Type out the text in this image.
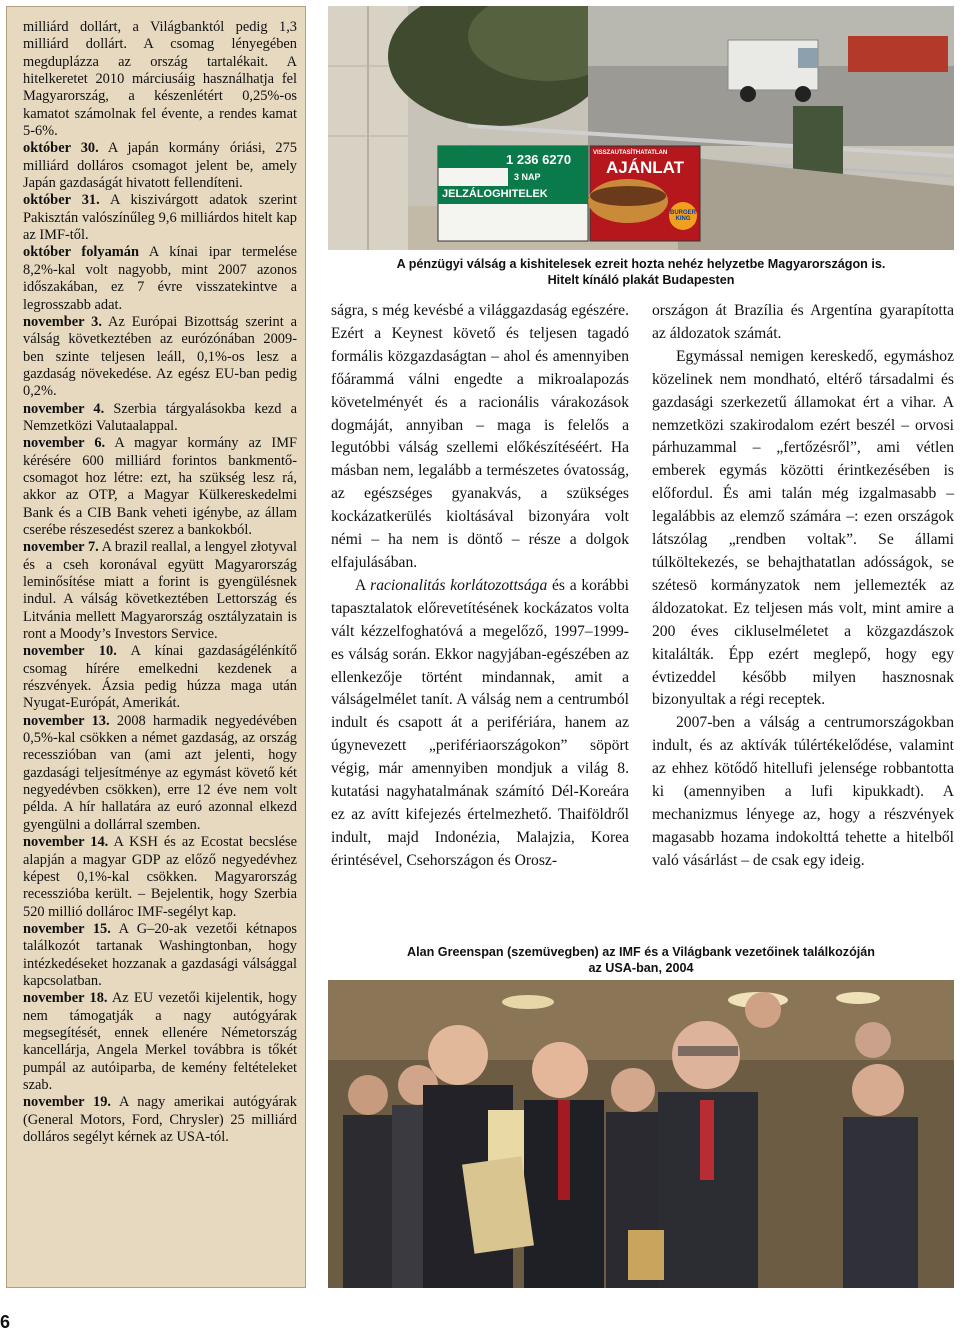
milliárd dollárt, a Világbanktól pedig 1,3 milliárd dollárt. A csomag lényegében megduplázza az ország tartalékait. A hitelkeretet 2010 márciusáig használhatja fel Magyarország, a készenlétért 0,25%-os kamatot számolnak fel évente, a rendes kamat 5-6%.

október 30. A japán kormány óriási, 275 milliárd dolláros csomagot jelent be, amely Japán gazdaságát hivatott fellendíteni.

október 31. A kiszivárgott adatok szerint Pakisztán valószínűleg 9,6 milliárdos hitelt kap az IMF-től.

október folyamán A kínai ipar termelése 8,2%-kal volt nagyobb, mint 2007 azonos időszakában, ez 7 évre visszatekintve a legrosszabb adat.

november 3. Az Európai Bizottság szerint a válság következtében az eurózónában 2009-ben szinte teljesen leáll, 0,1%-os lesz a gazdaság növekedése. Az egész EU-ban pedig 0,2%.

november 4. Szerbia tárgyalásokba kezd a Nemzetközi Valutaalappal.

november 6. A magyar kormány az IMF kérésére 600 milliárd forintos bankmentő-csomagot hoz létre: ezt, ha szükség lesz rá, akkor az OTP, a Magyar Külkereskedelmi Bank és a CIB Bank veheti igénybe, az állam cserébe részesedést szerez a bankokból.

november 7. A brazil reallal, a lengyel złotyval és a cseh koronával együtt Magyarország leminősítése miatt a forint is gyengülésnek indul. A válság következtében Lettország és Litvánia mellett Magyarország osztályzatain is ront a Moody’s Investors Service.

november 10. A kínai gazdaságélénkítő csomag hírére emelkedni kezdenek a részvények. Ázsia pedig húzza maga után Nyugat-Európát, Amerikát.

november 13. 2008 harmadik negyedévében 0,5%-kal csökken a német gazdaság, az ország recesszióban van (ami azt jelenti, hogy gazdasági teljesítménye az egymást követő két negyedévben csökken), erre 12 éve nem volt példa. A hír hallatára az euró azonnal elkezd gyengülni a dollárral szemben.

november 14. A KSH és az Ecostat becslése alapján a magyar GDP az előző negyedévhez képest 0,1%-kal csökken. Magyarország recesszióba került. – Bejelentik, hogy Szerbia 520 millió dollárос IMF-segélyt kap.

november 15. A G–20-ak vezetői kétnapos találkozót tartanak Washingtonban, hogy intézkedéseket hozzanak a gazdasági válsággal kapcsolatban.

november 18. Az EU vezetői kijelentik, hogy nem támogatják a nagy autógyárak megsegítését, ennek ellenére Németország kancellárja, Angela Merkel továbbra is tőkét pumpál az autóiparba, de kemény feltételeket szab.

november 19. A nagy amerikai autógyárak (General Motors, Ford, Chrysler) 25 milliárd dolláros segélyt kérnek az USA-tól.

1 236 6270
3 NAP
JELZÁLOGHITELEK
VISSZAUTASÍTHATATLAN
AJÁNLAT
BURGER KING
A pénzügyi válság a kishitelesek ezreit hozta nehéz helyzetbe Magyarországon is.
Hitelt kínáló plakát Budapesten

ságra, s még kevésbé a világgazdaság egészére. Ezért a Keynest követő és teljesen tagadó formális közgazdaságtan – ahol és amennyiben főárammá válni engedte a mikroalapozás követelményét és a racionális várakozások dogmáját, annyiban – maga is felelős a legutóbbi válság szellemi előkészítéséért. Ha másban nem, legalább a természetes óvatosság, az egészséges gyanakvás, a szükséges kockázatkerülés kioltásával bizonyára volt némi – ha nem is döntő – része a dolgok elfajulásában.

A racionalitás korlátozottsága és a korábbi tapasztalatok előrevetítésének kockázatos volta vált kézzelfoghatóvá a megelőző, 1997–1999-es válság során. Ekkor nagyjában-egészében az ellenkezője történt mindannak, amit a válságelmélet tanít. A válság nem a centrumból indult és csapott át a perifériára, hanem az úgynevezett „perifériaországokon” söpört végig, már amennyiben mondjuk a világ 8. kutatási nagyhatalmának számító Dél-Koreára ez az avítt kifejezés értelmezhető. Thaiföldről indult, majd Indonézia, Malajzia, Korea érintésével, Csehországon és Orosz-

országon át Brazília és Argentína gyarapította az áldozatok számát.

Egymással nemigen kereskedő, egymáshoz közelinek nem mondható, eltérő társadalmi és gazdasági szerkezetű államokat ért a vihar. A nemzetközi szakirodalom ezért beszél – orvosi párhuzammal – „fertőzésről”, ami vétlen emberek egymás közötti érintkezésében is előfordul. És ami talán még izgalmasabb – legalábbis az elemző számára –: ezen országok látszólag „rendben voltak”. Se állami túlköltekezés, se behajthatatlan adósságok, se szétesö kormányzatok nem jellemezték az áldozatokat. Ez teljesen más volt, mint amire a 200 éves cikluselméletet a közgazdászok kitalálták. Épp ezért meglepő, hogy egy évtizeddel később milyen hasznosnak bizonyultak a régi receptek.

2007-ben a válság a centrumországokban indult, és az aktívák túlértékelődése, valamint az ehhez kötődő hitellufi jelensége robbantotta ki (amennyiben a lufi kipukkadt). A mechanizmus lényege az, hogy a részvények magasabb hozama indokolttá tehette a hitelből való vásárlást – de csak egy ideig.

Alan Greenspan (szemüvegben) az IMF és a Világbank vezetőinek találkozóján
az USA-ban, 2004
6
